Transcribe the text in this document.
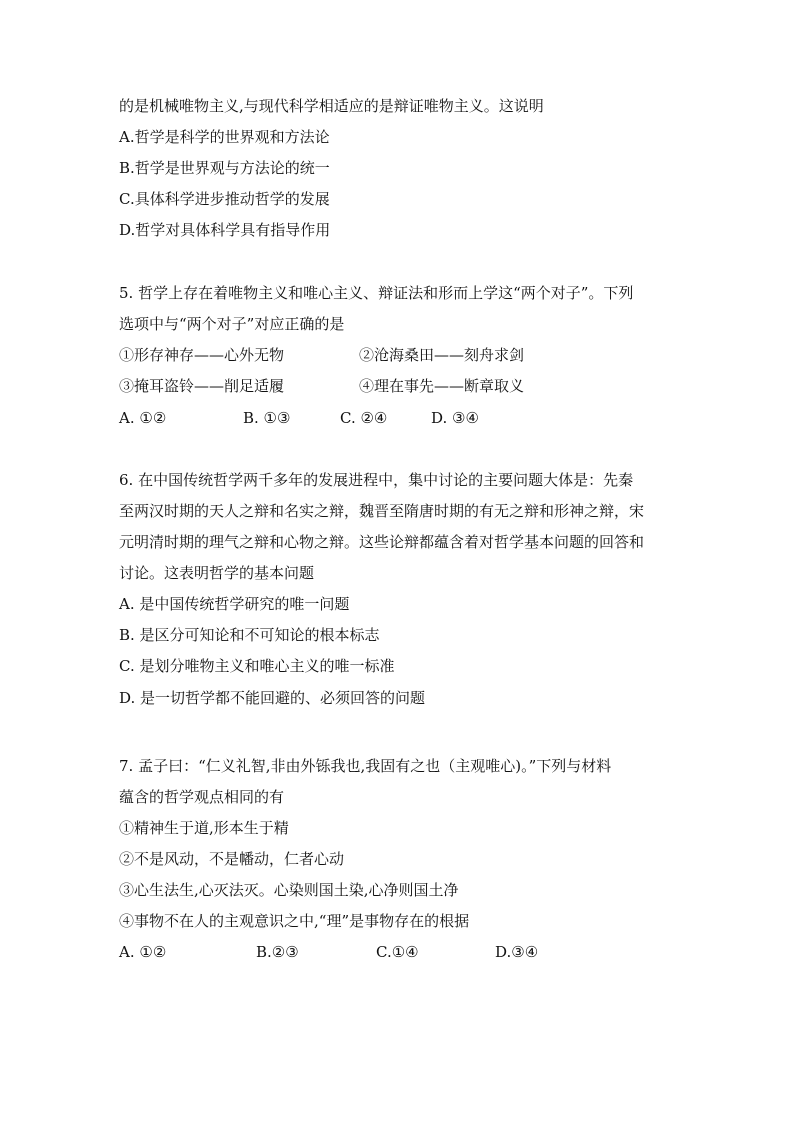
的是机械唯物主义,与现代科学相适应的是辩证唯物主义。这说明
A.哲学是科学的世界观和方法论
B.哲学是世界观与方法论的统一
C.具体科学进步推动哲学的发展
D.哲学对具体科学具有指导作用
5. 哲学上存在着唯物主义和唯心主义、辩证法和形而上学这“两个对子”。下列
选项中与“两个对子”对应正确的是
①形存神存——心外无物	②沧海桑田——刻舟求剑
③掩耳盗铃——削足适履	④理在事先——断章取义
A. ①②	B. ①③	C. ②④	D. ③④
6. 在中国传统哲学两千多年的发展进程中，集中讨论的主要问题大体是：先秦
至两汉时期的天人之辩和名实之辩，魏晋至隋唐时期的有无之辩和形神之辩，宋
元明清时期的理气之辩和心物之辩。这些论辩都蕴含着对哲学基本问题的回答和
讨论。这表明哲学的基本问题
A. 是中国传统哲学研究的唯一问题
B. 是区分可知论和不可知论的根本标志
C. 是划分唯物主义和唯心主义的唯一标准
D. 是一切哲学都不能回避的、必须回答的问题
7. 孟子曰：“仁义礼智,非由外铄我也,我固有之也（主观唯心)。”下列与材料
蕴含的哲学观点相同的有
①精神生于道,形本生于精
②不是风动，不是幡动，仁者心动
③心生法生,心灭法灭。心染则国土染,心净则国土净
④事物不在人的主观意识之中,“理”是事物存在的根据
A. ①②	B.②③	C.①④	D.③④
